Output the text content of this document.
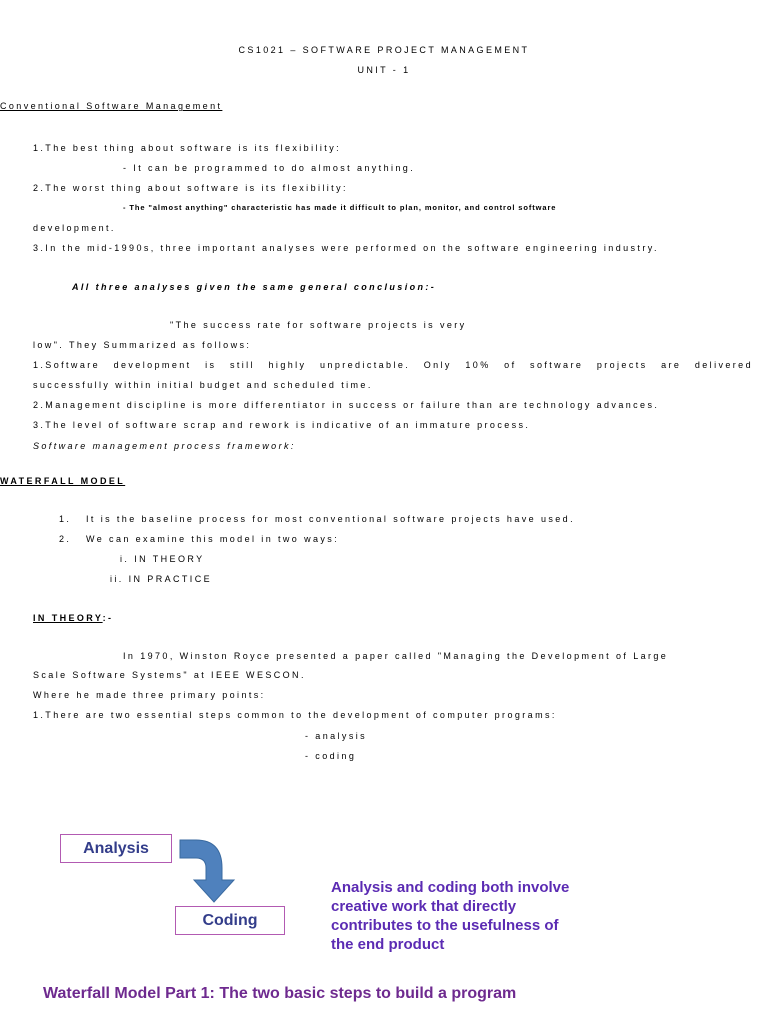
CS1021 – SOFTWARE PROJECT MANAGEMENT
UNIT - 1
Conventional Software Management
1.The best thing about software is its flexibility:
- It can be programmed to do almost anything.
2.The worst thing about software is its flexibility:
- The "almost anything" characteristic has made it difficult to plan, monitor, and control software
development.
3.In the mid-1990s, three important analyses were performed on the software engineering industry.
All three analyses given the same general conclusion:-
"The success rate for software projects is very
low". They Summarized as follows:
1.Software development is still highly unpredictable. Only 10% of software projects are delivered
successfully within initial budget and scheduled time.
2.Management discipline is more differentiator in success or failure than are technology advances.
3.The level of software scrap and rework is indicative of an immature process.
Software management process framework:
WATERFALL MODEL
1.   It is the baseline process for most conventional software projects have used.
2.   We can examine this model in two ways:
i. IN THEORY
ii. IN PRACTICE
IN THEORY:-
In 1970, Winston Royce presented a paper called "Managing the Development of Large
Scale Software Systems" at IEEE WESCON.
Where he made three primary points:
1.There are two essential steps common to the development of computer programs:
- analysis
- coding
Analysis
Coding
Analysis and coding both involve
creative work that directly
contributes to the usefulness of
the end product
Waterfall Model Part 1: The two basic steps to build a program
